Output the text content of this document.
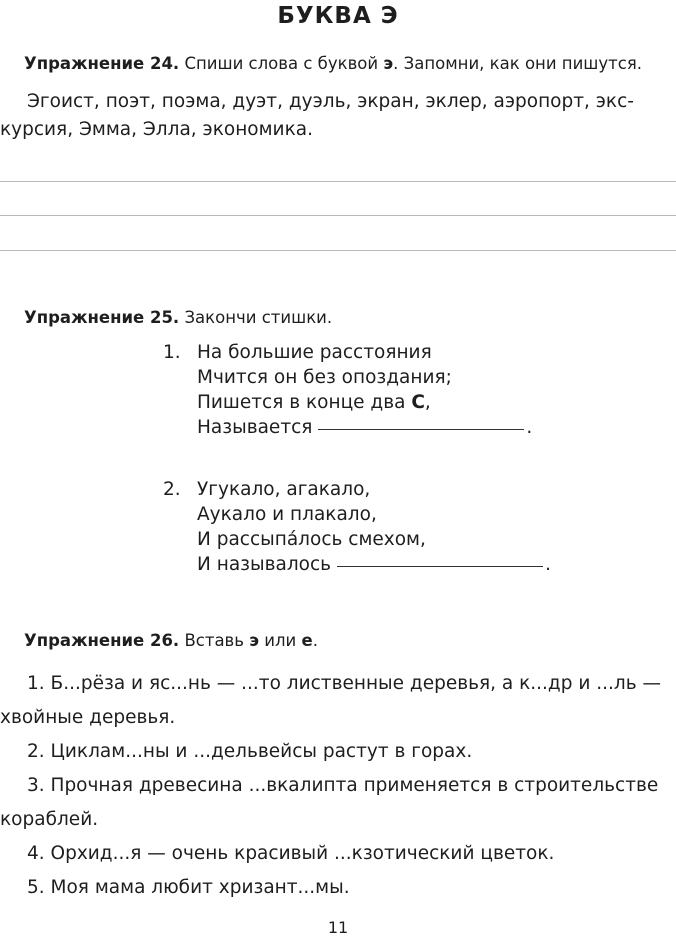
БУКВА Э
Упражнение 24. Спиши слова с буквой э. Запомни, как они пишутся.
Эгоист, поэт, поэма, дуэт, дуэль, экран, эклер, аэропорт, экс-
курсия, Эмма, Элла, экономика.
Упражнение 25. Закончи стишки.
1. На большие расстояния
Мчится он без опоздания;
Пишется в конце два С,
Называется	.
2. Угукало, агакало,
Аукало и плакало,
И рассыпа́лось смехом,
И называлось	.
Упражнение 26. Вставь э или е.
1. Б...рёза и яс...нь — ...то лиственные деревья, а к...др и ...ль —
хвойные деревья.
2. Циклам...ны и ...дельвейсы растут в горах.
3. Прочная древесина ...вкалипта применяется в строительстве
кораблей.
4. Орхид...я — очень красивый ...кзотический цветок.
5. Моя мама любит хризант...мы.
11
